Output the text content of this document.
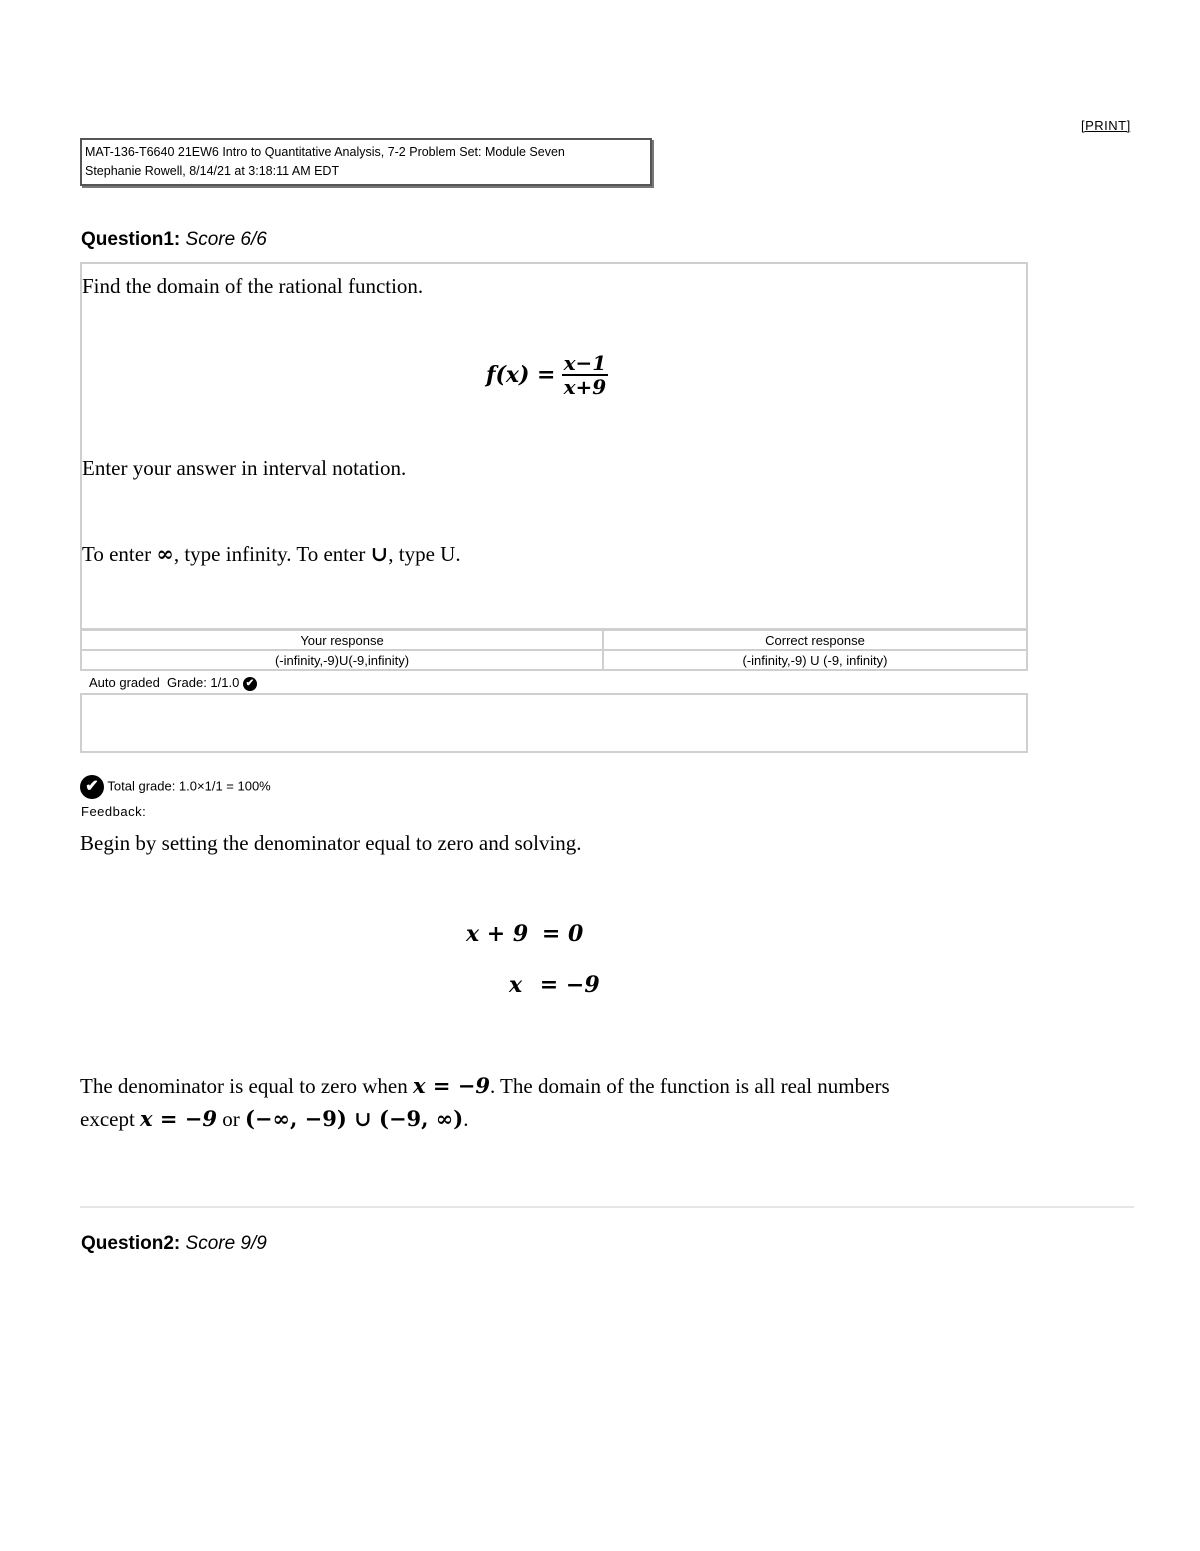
[PRINT]
MAT-136-T6640 21EW6 Intro to Quantitative Analysis, 7-2 Problem Set: Module Seven
Stephanie Rowell, 8/14/21 at 3:18:11 AM EDT
Question1: Score 6/6
Find the domain of the rational function.
$f(x) = \frac{x-1}{x+9}$
Enter your answer in interval notation.
To enter ∞, type infinity. To enter ∪, type U.
Your response	Correct response
(-infinity,-9)U(-9,infinity)	(-infinity,-9) U (-9, infinity)
Auto graded  Grade: 1/1.0 ✔
✔ Total grade: 1.0×1/1 = 100%
Feedback:
Begin by setting the denominator equal to zero and solving.
x + 9 = 0
x = −9
The denominator is equal to zero when x = −9. The domain of the function is all real numbers
except x = −9 or (−∞, −9) ∪ (−9, ∞).
Question2: Score 9/9
